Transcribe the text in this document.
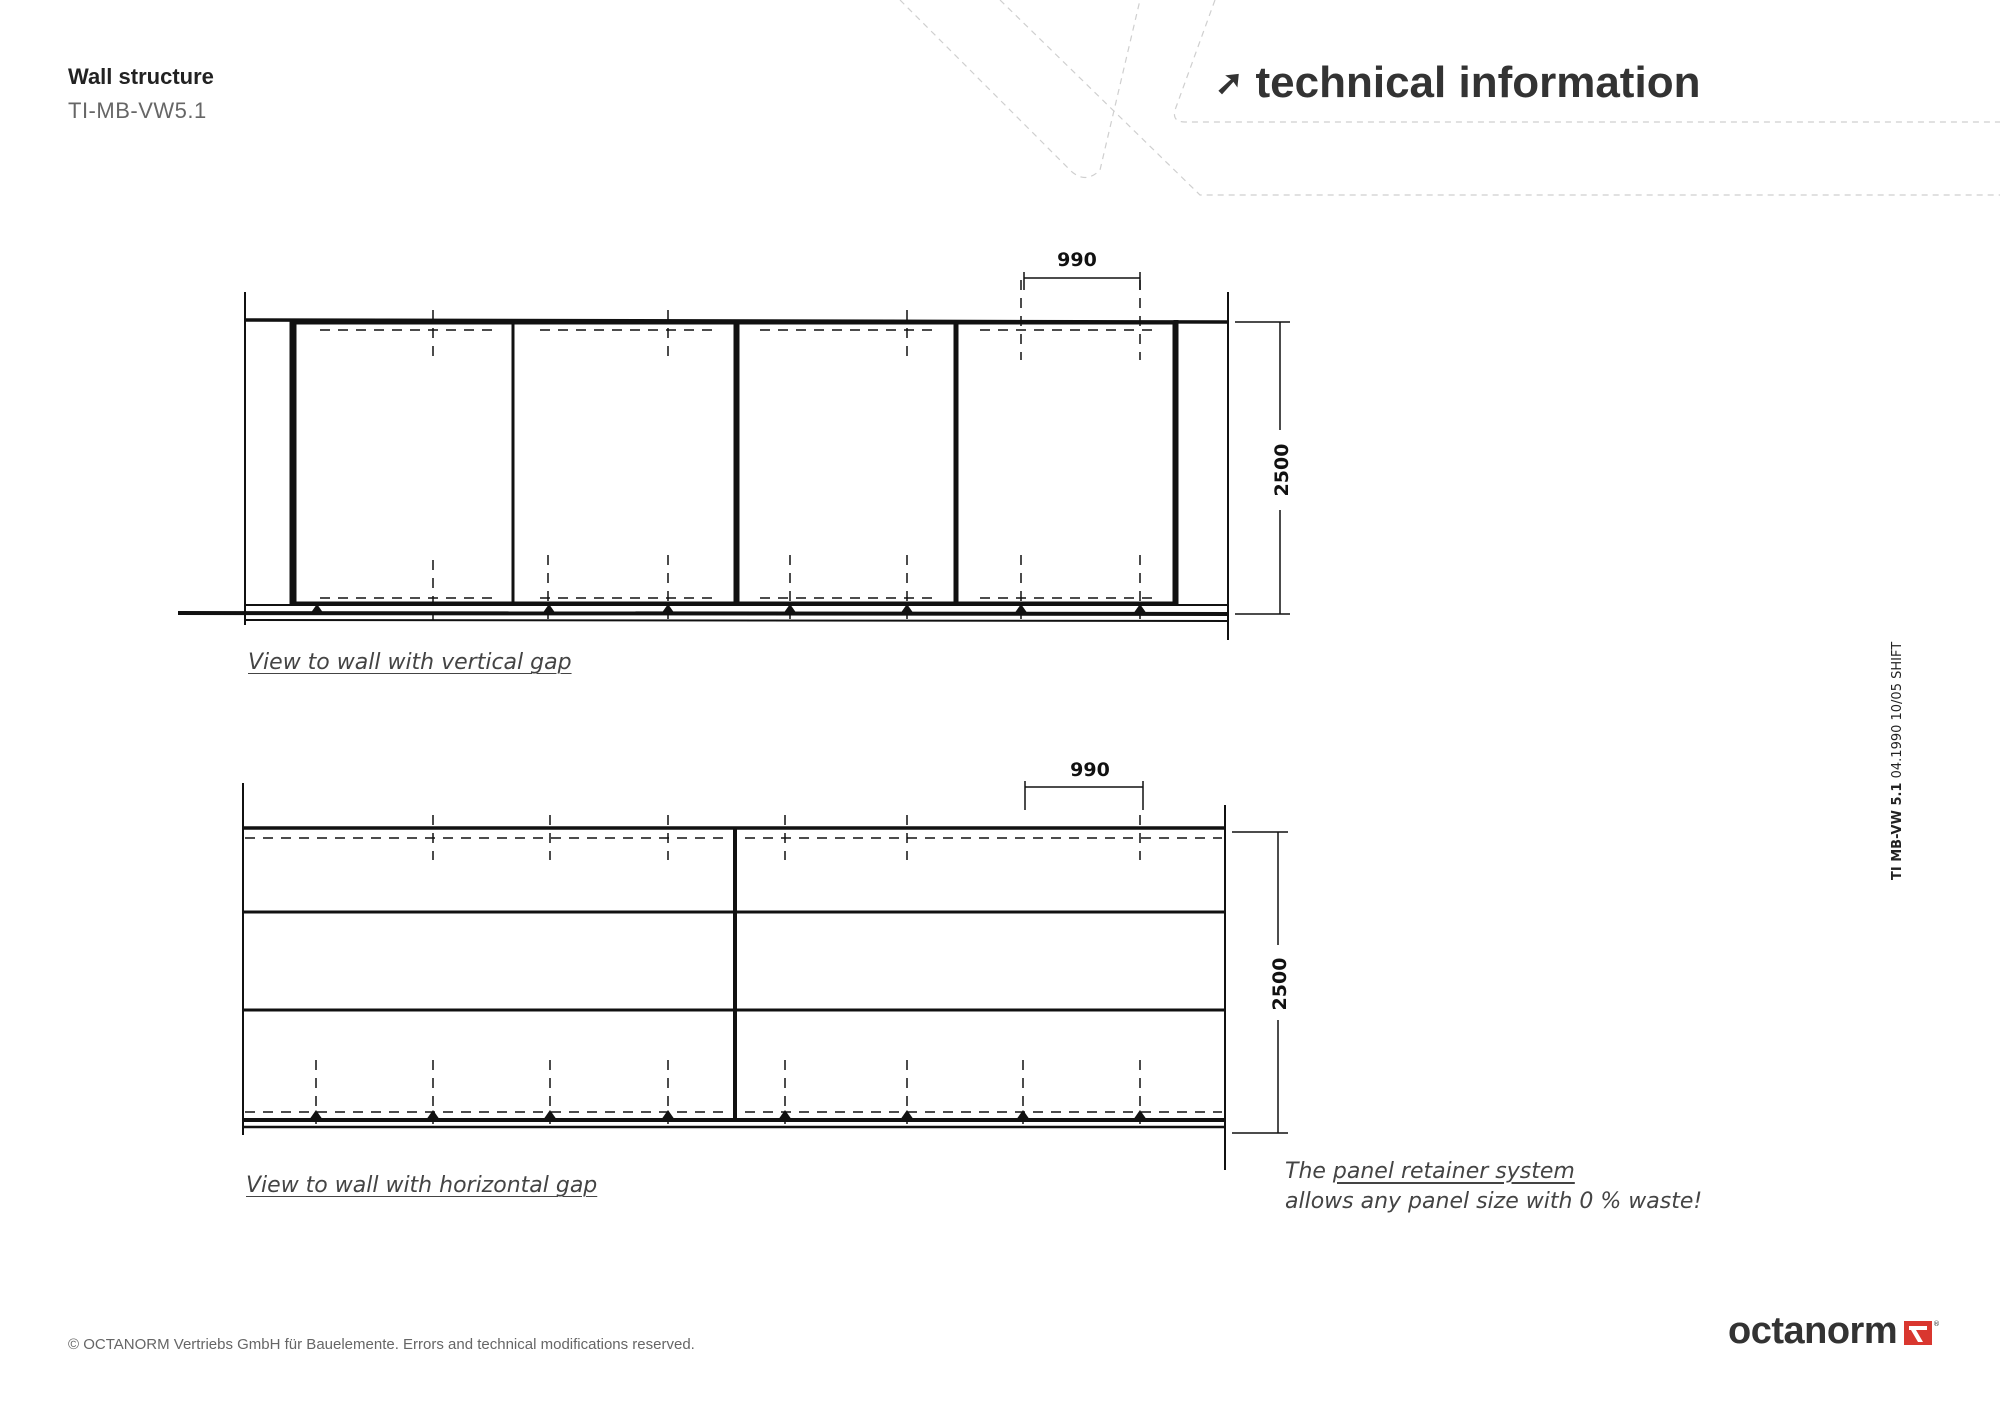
Wall structure
TI-MB-VW5.1
➚ technical information
990
2500
View to wall with vertical gap
990
2500
View to wall with horizontal gap
The panel retainer system
allows any panel size with 0 % waste!
TI MB-VW 5.1 04.1990 10/05 SHIFT
© OCTANORM Vertriebs GmbH für Bauelemente. Errors and technical modifications reserved.	octanorm	®
